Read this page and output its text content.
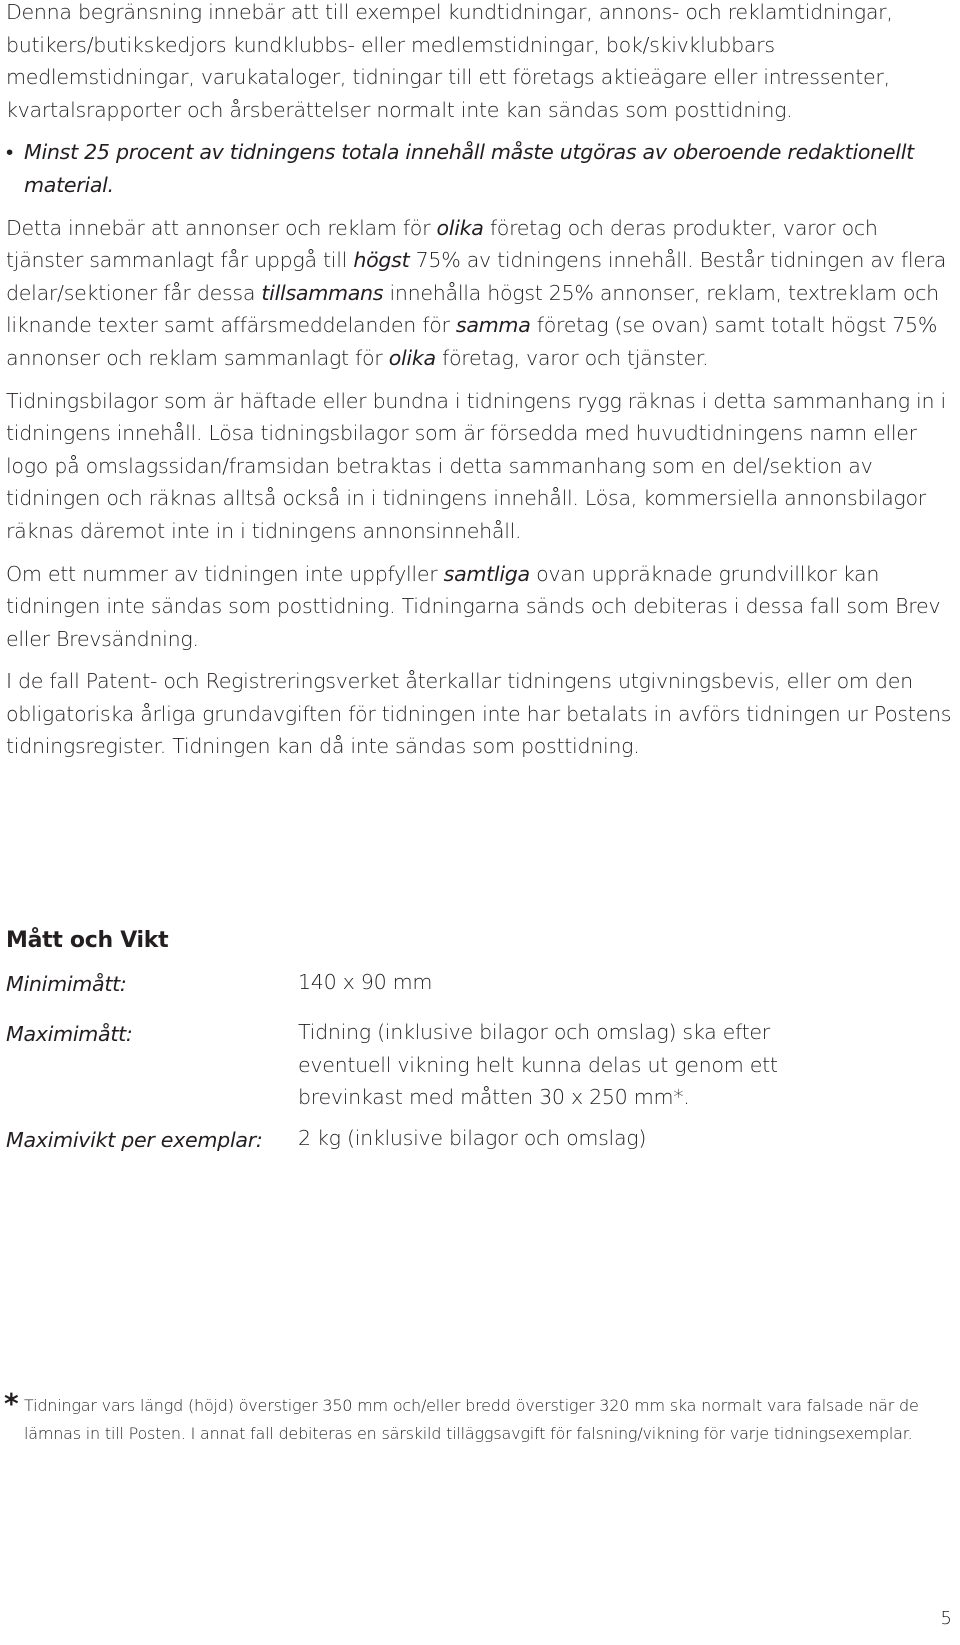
Denna begränsning innebär att till exempel kundtidningar, annons- och reklamtidningar, butikers/butikskedjors kundklubbs- eller medlemstidningar, bok/skivklubbars medlemstidningar, varukataloger, tidningar till ett företags aktieägare eller intressenter, kvartalsrapporter och årsberättelser normalt inte kan sändas som posttidning.

• Minst 25 procent av tidningens totala innehåll måste utgöras av oberoende redaktionellt material.

Detta innebär att annonser och reklam för olika företag och deras produkter, varor och tjänster sammanlagt får uppgå till högst 75% av tidningens innehåll. Består tidningen av flera delar/sektioner får dessa tillsammans innehålla högst 25% annonser, reklam, textreklam och liknande texter samt affärsmeddelanden för samma företag (se ovan) samt totalt högst 75% annonser och reklam sammanlagt för olika företag, varor och tjänster.

Tidningsbilagor som är häftade eller bundna i tidningens rygg räknas i detta sammanhang in i tidningens innehåll. Lösa tidningsbilagor som är försedda med huvudtidningens namn eller logo på omslagssidan/framsidan betraktas i detta sammanhang som en del/sektion av tidningen och räknas alltså också in i tidningens innehåll. Lösa, kommersiella annonsbilagor räknas däremot inte in i tidningens annonsinnehåll.

Om ett nummer av tidningen inte uppfyller samtliga ovan uppräknade grundvillkor kan tidningen inte sändas som posttidning. Tidningarna sänds och debiteras i dessa fall som Brev eller Brevsändning.

I de fall Patent- och Registreringsverket återkallar tidningens utgivningsbevis, eller om den obligatoriska årliga grundavgiften för tidningen inte har betalats in avförs tidningen ur Postens tidningsregister. Tidningen kan då inte sändas som posttidning.

Mått och Vikt
Minimimått:	140 x 90 mm
Maximimått:	Tidning (inklusive bilagor och omslag) ska efter eventuell vikning helt kunna delas ut genom ett brevinkast med måtten 30 x 250 mm*.
Maximivikt per exemplar: 2 kg (inklusive bilagor och omslag)
* Tidningar vars längd (höjd) överstiger 350 mm och/eller bredd överstiger 320 mm ska normalt vara falsade när de lämnas in till Posten. I annat fall debiteras en särskild tilläggsavgift för falsning/vikning för varje tidningsexemplar.
5
